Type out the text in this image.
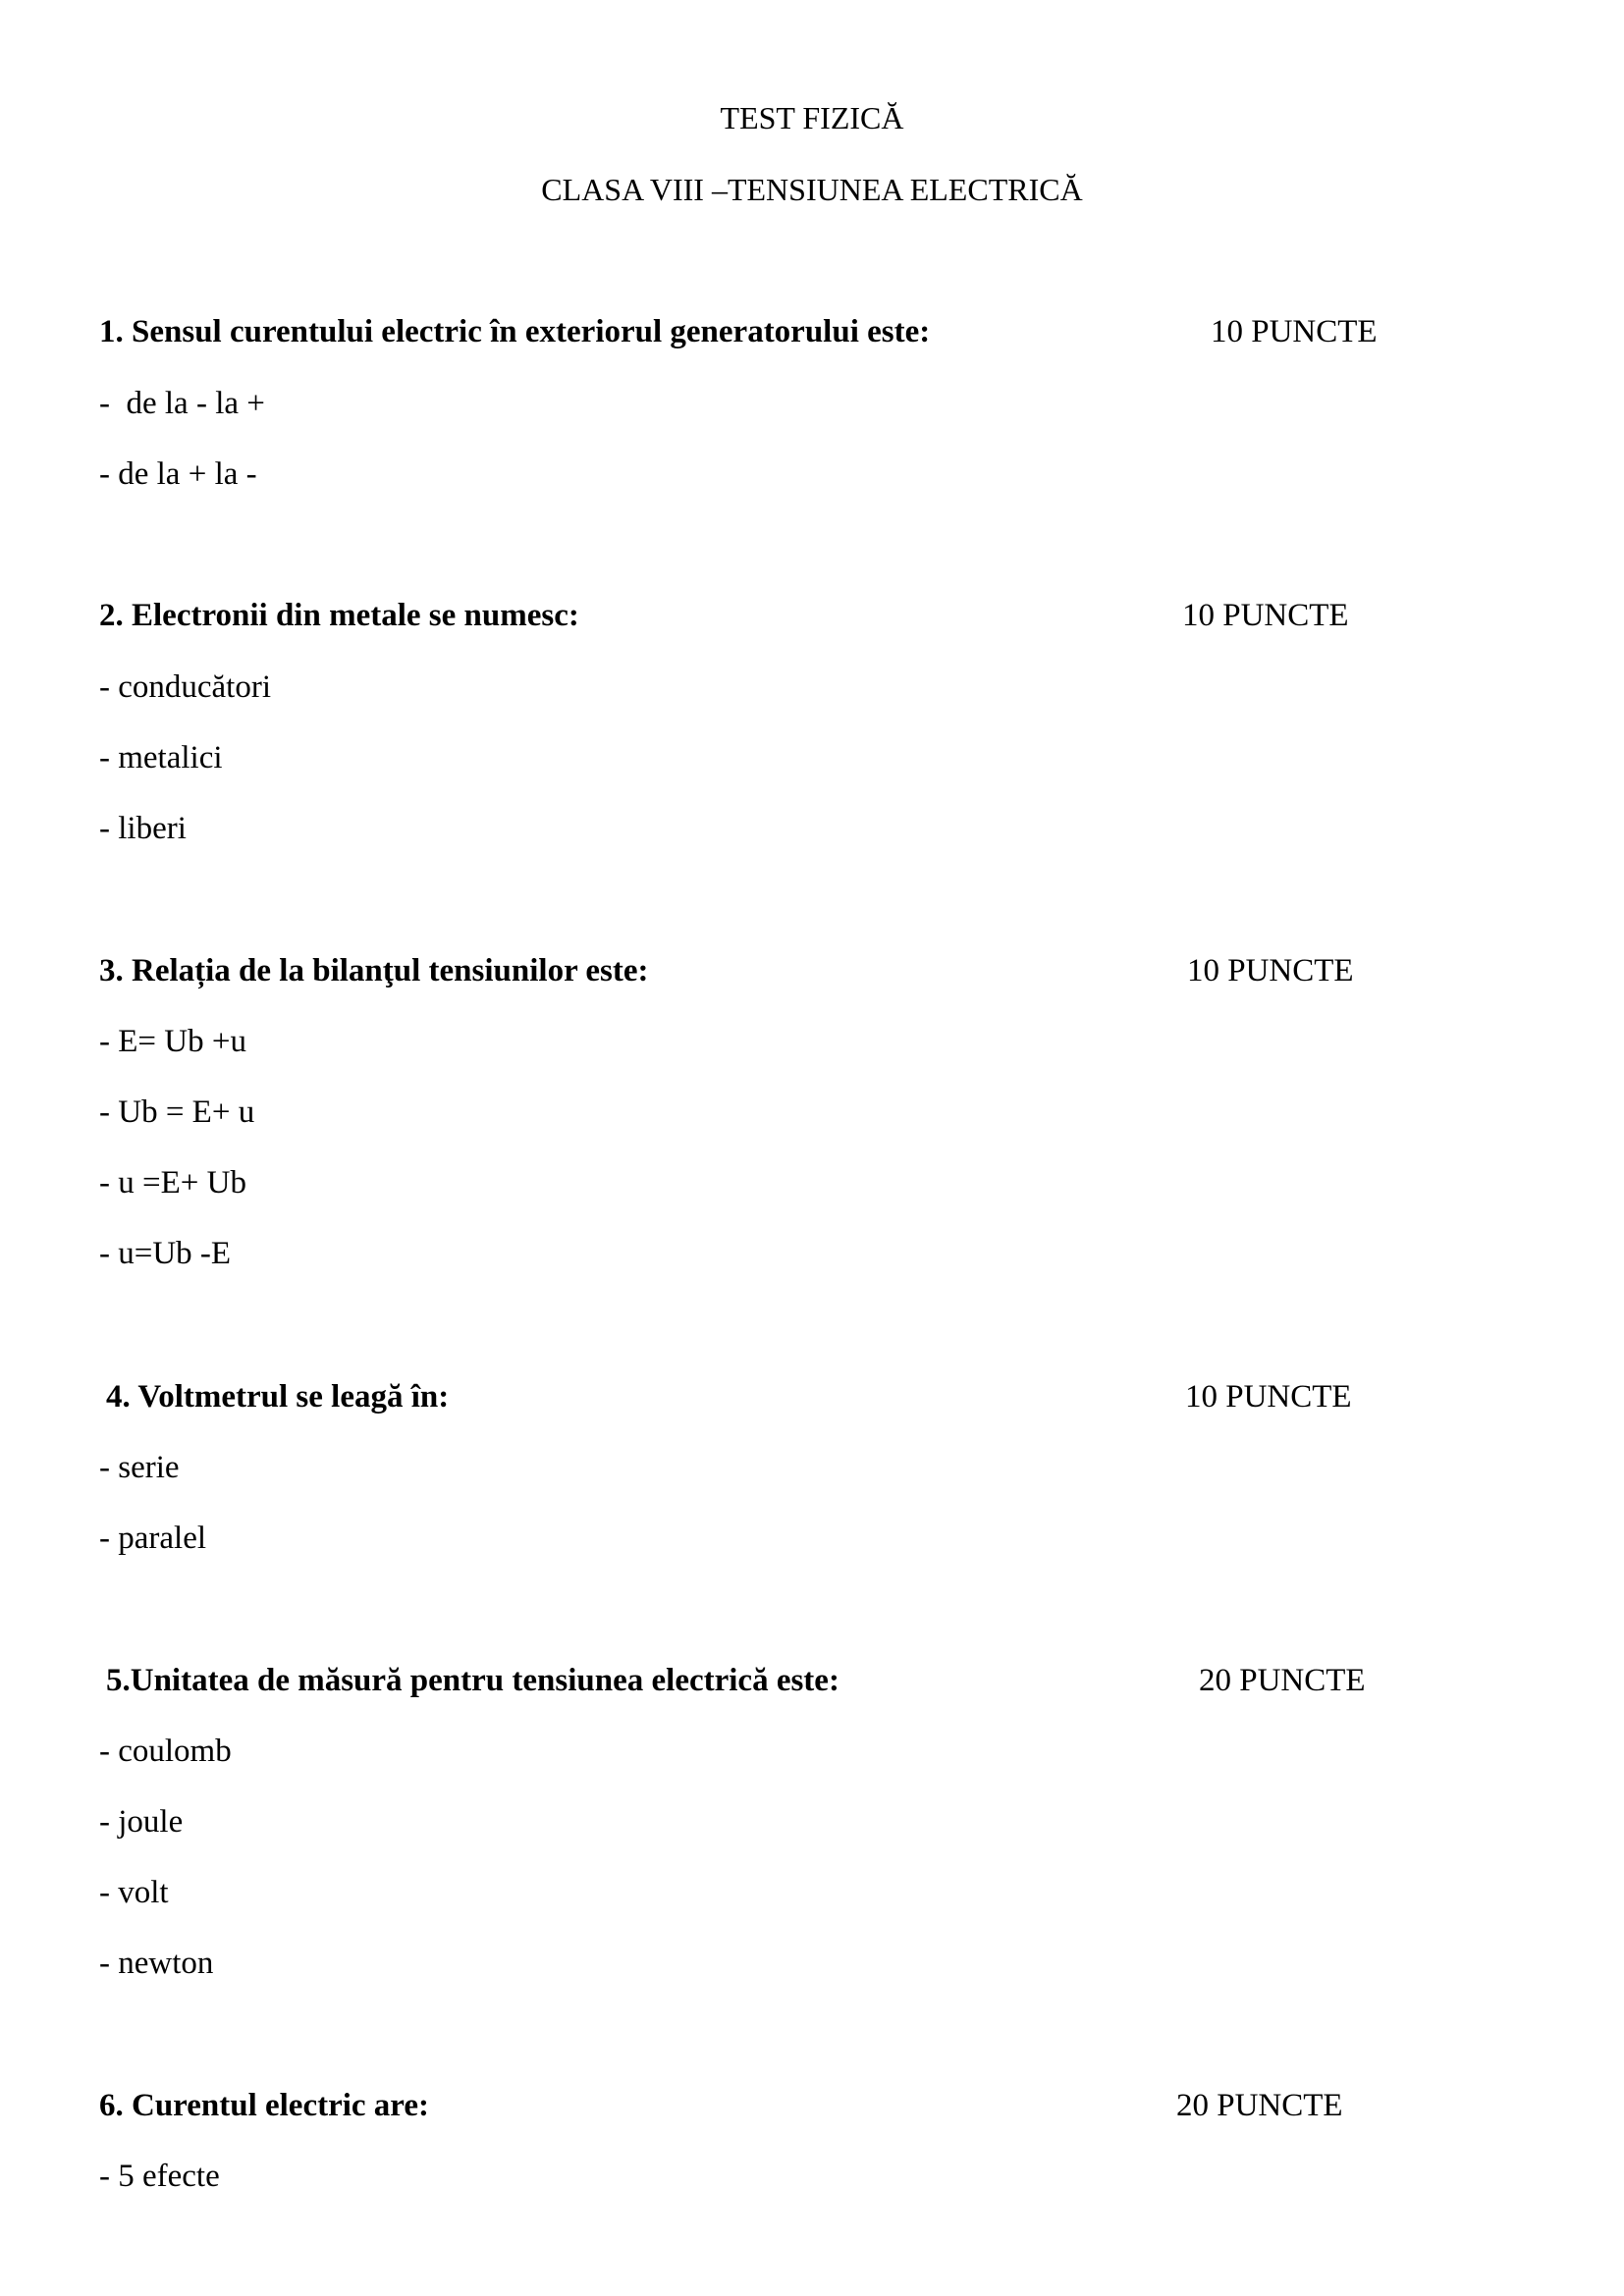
TEST FIZICĂ
CLASA VIII –TENSIUNEA ELECTRICĂ
1. Sensul curentului electric în exteriorul generatorului este:	10 PUNCTE
-  de la - la +
- de la + la -
2. Electronii din metale se numesc:	10 PUNCTE
- conducători
- metalici
- liberi
3. Relația de la bilanţul tensiunilor este:	10 PUNCTE
- E= Ub +u
- Ub = E+ u
- u =E+ Ub
- u=Ub -E
4. Voltmetrul se leagă în:	10 PUNCTE
- serie
- paralel
5.Unitatea de măsură pentru tensiunea electrică este:	20 PUNCTE
- coulomb
- joule
- volt
- newton
6. Curentul electric are:	20 PUNCTE
- 5 efecte
